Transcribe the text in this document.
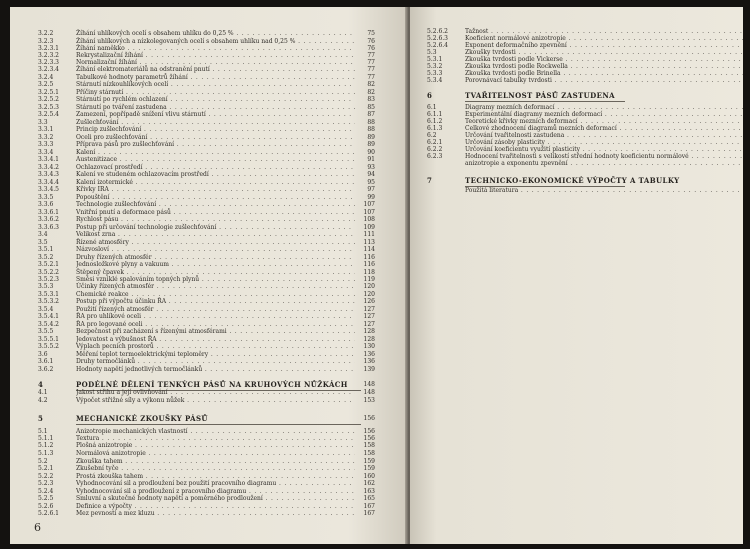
3.2.2	Žíhání uhlíkových ocelí s obsahem uhlíku do 0,25 % . . .	75
3.2.3	Žíhání uhlíkových a nízkolegovaných ocelí s obsahem uhlíku nad 0,25 % . . .	76
3.2.3.1	Žíhání naměkko . . .	76
3.2.3.2	Rekrystalizační žíhání . . .	77
3.2.3.3	Normalizační žíhání . . .	77
3.2.3.4	Žíhání elektromateriálů na odstranění pnutí . . .	77
3.2.4	Tabulkové hodnoty parametrů žíhání . . .	77
3.2.5	Stárnutí nízkouhlíkových ocelí . . .	82
3.2.5.1	Příčiny stárnutí . . .	82
3.2.5.2	Stárnutí po rychlém ochlazení . . .	83
3.2.5.3	Stárnutí po tváření zastudena . . .	85
3.2.5.4	Zamezení, popřípadě snížení vlivu stárnutí . . .	87
3.3	Zušlechťování . . .	88
3.3.1	Princip zušlechťování . . .	88
3.3.2	Oceli pro zušlechťování . . .	89
3.3.3	Příprava pásů pro zušlechťování . . .	89
3.3.4	Kalení . . .	90
3.3.4.1	Austenitizace . . .	91
3.3.4.2	Ochlazovací prostředí . . .	93
3.3.4.3	Kalení ve studeném ochlazovacím prostředí . . .	94
3.3.4.4	Kalení izotermické . . .	95
3.3.4.5	Křivky IRA . . .	97
3.3.5	Popouštění . . .	99
3.3.6	Technologie zušlechťování . . .	107
3.3.6.1	Vnitřní pnutí a deformace pásů . . .	107
3.3.6.2	Rychlost pásu . . .	108
3.3.6.3	Postup při určování technologie zušlechťování . . .	109
3.4	Velikost zrna . . .	111
3.5	Řízené atmosféry . . .	113
3.5.1	Názvosloví . . .	114
3.5.2	Druhy řízených atmosfér . . .	116
3.5.2.1	Jednosložkové plyny a vakuum . . .	116
3.5.2.2	Štěpený čpavek . . .	118
3.5.2.3	Směsi vzniklé spalováním topných plynů . . .	119
3.5.3	Účinky řízených atmosfér . . .	120
3.5.3.1	Chemické reakce . . .	120
3.5.3.2	Postup při výpočtu účinku ŘA . . .	126
3.5.4	Použití řízených atmosfér . . .	127
3.5.4.1	ŘA pro uhlíkové oceli . . .	127
3.5.4.2	ŘA pro legované oceli . . .	127
3.5.5	Bezpečnost při zacházení s řízenými atmosférami . . .	128
3.5.5.1	Jedovatost a výbušnost ŘA . . .	128
3.5.5.2	Výplach pecních prostorů . . .	130
3.6	Měření teplot termoelektrickými teploměry . . .	136
3.6.1	Druhy termočlánků . . .	136
3.6.2	Hodnoty napětí jednotlivých termočlánků . . .	139
4	PODÉLNÉ DĚLENÍ TENKÝCH PÁSŮ NA KRUHOVÝCH NŮŽKÁCH	148
4.1	Jakost střihu a její ovlivňování . . .	148
4.2	Výpočet střižné síly a výkonu nůžek . . .	153
5	MECHANICKÉ ZKOUŠKY PÁSŮ	156
5.1	Anizotropie mechanických vlastností . . .	156
5.1.1	Textura . . .	156
5.1.2	Plošná anizotropie . . .	158
5.1.3	Normálová anizotropie . . .	158
5.2	Zkouška tahem . . .	159
5.2.1	Zkušební tyče . . .	159
5.2.2	Prostá zkouška tahem . . .	160
5.2.3	Vyhodnocování sil a prodloužení bez použití pracovního diagramu . . .	162
5.2.4	Vyhodnocování sil a prodloužení z pracovního diagramu . . .	163
5.2.5	Smluvní a skutečné hodnoty napětí a poměrného prodloužení . . .	165
5.2.6	Definice a výpočty . . .	167
5.2.6.1	Mez pevnosti a mez kluzu . . .	167
6
5.2.6.2	Tažnost . . .
5.2.6.3	Koeficient normálové anizotropie . . .
5.2.6.4	Exponent deformačního zpevnění . . .
5.3	Zkoušky tvrdosti . . .
5.3.1	Zkouška tvrdosti podle Vickerse . . .
5.3.2	Zkouška tvrdosti podle Rockwella . . .
5.3.3	Zkouška tvrdosti podle Brinella . . .
5.3.4	Porovnávací tabulky tvrdosti . . .
6	TVAŘITELNOST PÁSŮ ZASTUDENA
6.1	Diagramy mezních deformací . . .
6.1.1	Experimentální diagramy mezních deformací . . .
6.1.2	Teoretické křivky mezních deformací . . .
6.1.3	Celkové zhodnocení diagramů mezních deformací . . .
6.2	Určování tvařitelnosti zastudena . . .
6.2.1	Určování zásoby plasticity . . .
6.2.2	Určování koeficientu využití plasticity . . .
6.2.3	Hodnocení tvařitelnosti s velikostí střední hodnoty koeficientu normálové . . .
anizotropie a exponentu zpevnění . . .
7	TECHNICKO-EKONOMICKÉ VÝPOČTY A TABULKY
Použitá literatura . . .
